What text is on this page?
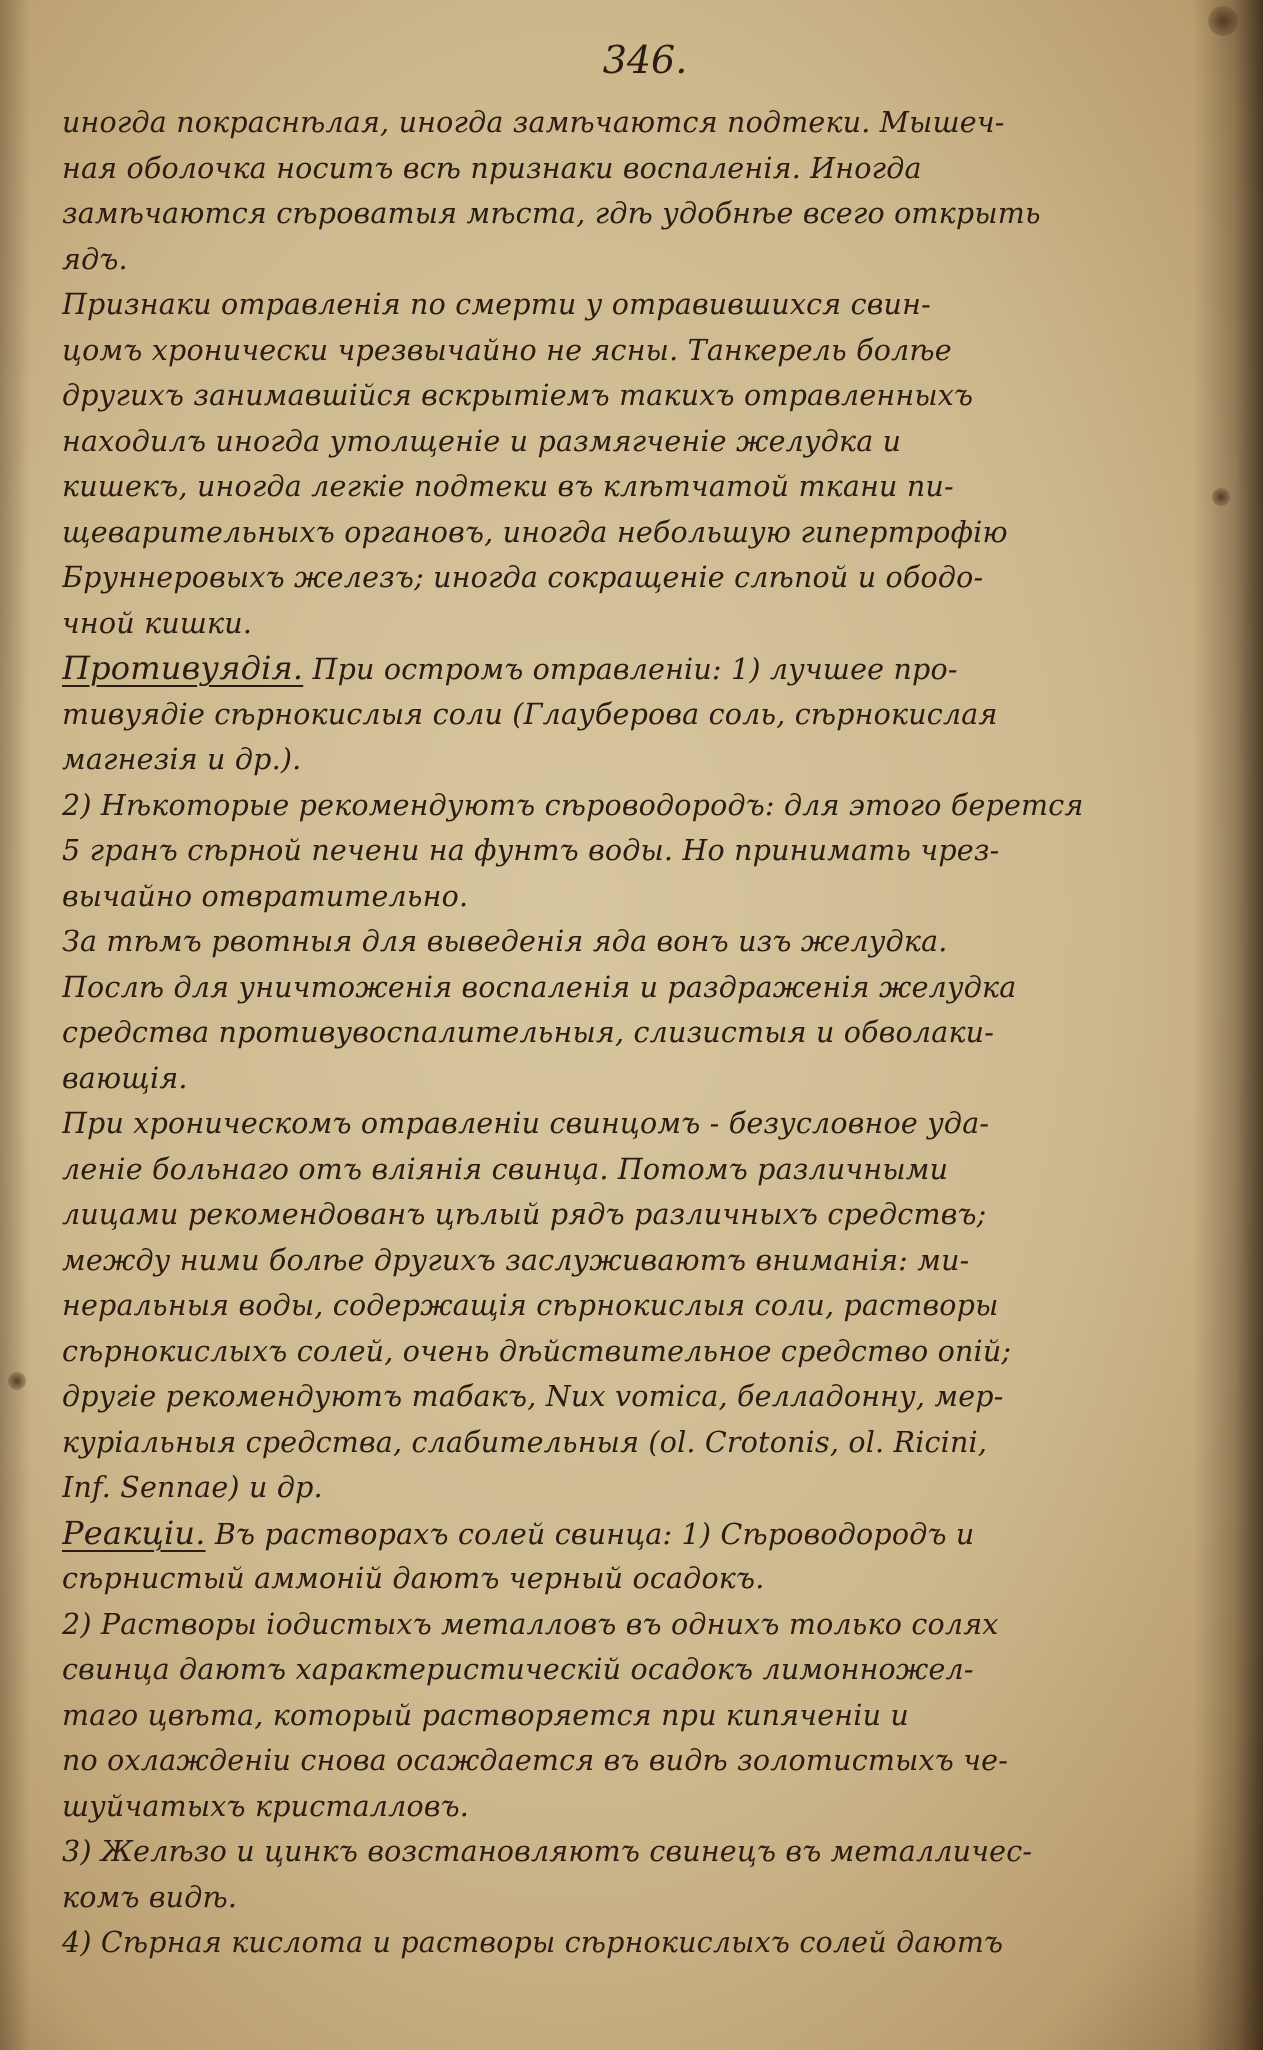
346.
иногда покраснѣлая, иногда замѣчаются подтеки. Мышеч-
ная оболочка носитъ всѣ признаки воспаленія. Иногда
замѣчаются сѣроватыя мѣста, гдѣ удобнѣе всего открыть
ядъ.
Признаки отравленія по смерти у отравившихся свин-
цомъ хронически чрезвычайно не ясны. Танкерель болѣе
другихъ занимавшійся вскрытіемъ такихъ отравленныхъ
находилъ иногда утолщеніе и размягченіе желудка и
кишекъ, иногда легкіе подтеки въ клѣтчатой ткани пи-
щеварительныхъ органовъ, иногда небольшую гипертрофію
Бруннеровыхъ железъ; иногда сокращеніе слѣпой и ободо-
чной кишки.
Противуядія. При остромъ отравленіи: 1) лучшее про-
тивуядіе сѣрнокислыя соли (Глауберова соль, сѣрнокислая
магнезія и др.).
2) Нѣкоторые рекомендуютъ сѣроводородъ: для этого берется
5 гранъ сѣрной печени на фунтъ воды. Но принимать чрез-
вычайно отвратительно.
За тѣмъ рвотныя для выведенія яда вонъ изъ желудка.
Послѣ для уничтоженія воспаленія и раздраженія желудка
средства противувоспалительныя, слизистыя и обволаки-
вающія.
При хроническомъ отравленіи свинцомъ - безусловное уда-
леніе больнаго отъ вліянія свинца. Потомъ различными
лицами рекомендованъ цѣлый рядъ различныхъ средствъ;
между ними болѣе другихъ заслуживаютъ вниманія: ми-
неральныя воды, содержащія сѣрнокислыя соли, растворы
сѣрнокислыхъ солей, очень дѣйствительное средство опій;
другіе рекомендуютъ табакъ, Nux vomica, белладонну, мер-
куріальныя средства, слабительныя (ol. Crotonis, ol. Ricini,
Inf. Sennae) и др.
Реакціи. Въ растворахъ солей свинца: 1) Сѣроводородъ и
сѣрнистый аммоній даютъ черный осадокъ.
2) Растворы іодистыхъ металловъ въ однихъ только солях
свинца даютъ характеристическій осадокъ лимонножел-
таго цвѣта, который растворяется при кипяченіи и
по охлажденіи снова осаждается въ видѣ золотистыхъ че-
шуйчатыхъ кристалловъ.
3) Желѣзо и цинкъ возстановляютъ свинецъ въ металличес-
комъ видѣ.
4) Сѣрная кислота и растворы сѣрнокислыхъ солей даютъ
